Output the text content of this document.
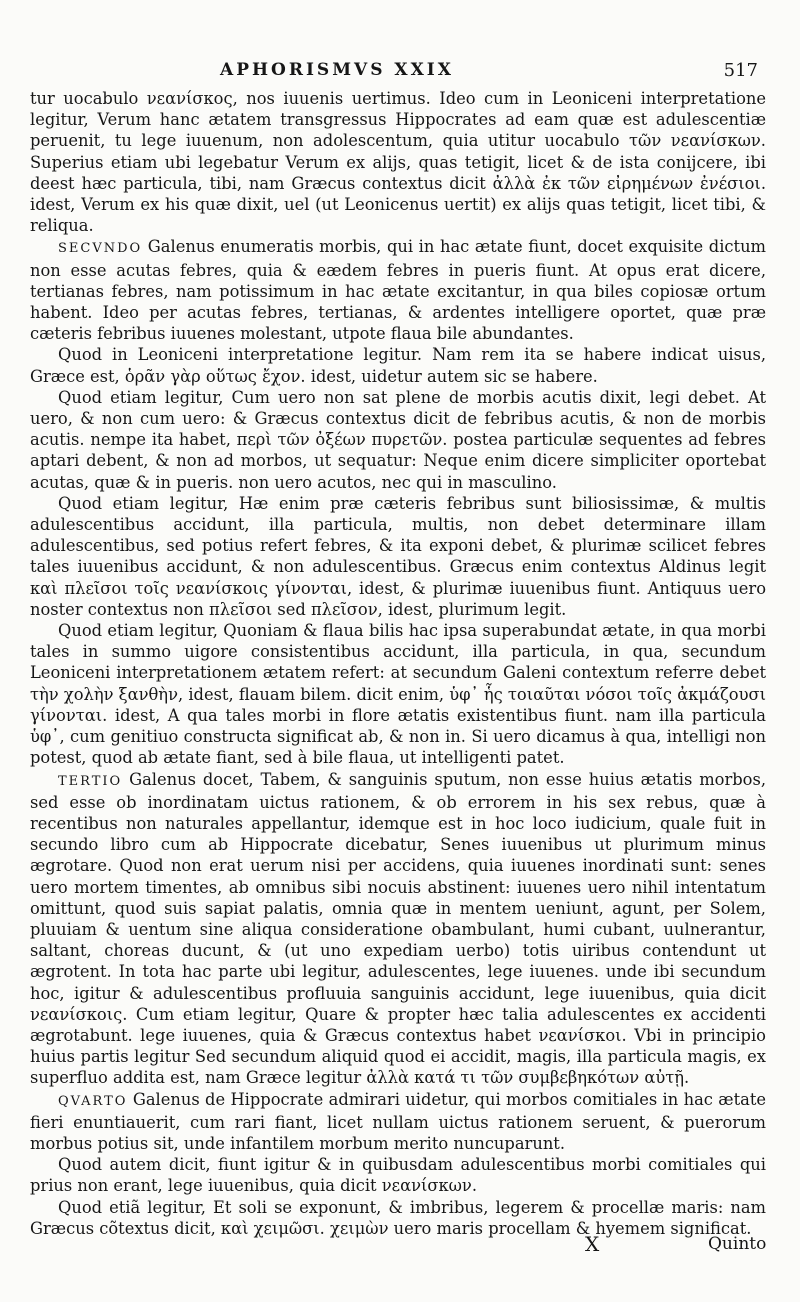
APHORISMVS XXIX	517

tur uocabulo νεανίσκος, nos iuuenis uertimus. Ideo cum in Leoniceni interpretatione legitur, Verum hanc ætatem transgressus Hippocrates ad eam quæ est adulescentiæ peruenit, tu lege iuuenum, non adolescentum, quia utitur uocabulo τῶν νεανίσκων. Superius etiam ubi legebatur Verum ex alijs, quas tetigit, licet & de ista conijcere, ibi deest hæc particula, tibi, nam Græcus contextus dicit ἀλλὰ ἐκ τῶν εἰρημένων ἐνέσιοι. idest, Verum ex his quæ dixit, uel (ut Leonicenus uertit) ex alijs quas tetigit, licet tibi, & reliqua.

SECVNDO Galenus enumeratis morbis, qui in hac ætate fiunt, docet exquisite dictum non esse acutas febres, quia & eædem febres in pueris fiunt. At opus erat dicere, tertianas febres, nam potissimum in hac ætate excitantur, in qua biles copiosæ ortum habent. Ideo per acutas febres, tertianas, & ardentes intelligere oportet, quæ præ cæteris febribus iuuenes molestant, utpote flaua bile abundantes.

Quod in Leoniceni interpretatione legitur. Nam rem ita se habere indicat uisus, Græce est, ὁρᾶν γὰρ οὕτως ἔχον. idest, uidetur autem sic se habere.

Quod etiam legitur, Cum uero non sat plene de morbis acutis dixit, legi debet. At uero, & non cum uero: & Græcus contextus dicit de febribus acutis, & non de morbis acutis. nempe ita habet, περὶ τῶν ὀξέων πυρετῶν. postea particulæ sequentes ad febres aptari debent, & non ad morbos, ut sequatur: Neque enim dicere simpliciter oportebat acutas, quæ & in pueris. non uero acutos, nec qui in masculino.

Quod etiam legitur, Hæ enim præ cæteris febribus sunt biliosissimæ, & multis adulescentibus accidunt, illa particula, multis, non debet determinare illam adulescentibus, sed potius refert febres, & ita exponi debet, & plurimæ scilicet febres tales iuuenibus accidunt, & non adulescentibus. Græcus enim contextus Aldinus legit καὶ πλεῖσοι τοῖς νεανίσκοις γίνονται, idest, & plurimæ iuuenibus fiunt. Antiquus uero noster contextus non πλεῖσοι sed πλεῖσον, idest, plurimum legit.

Quod etiam legitur, Quoniam & flaua bilis hac ipsa superabundat ætate, in qua morbi tales in summo uigore consistentibus accidunt, illa particula, in qua, secundum Leoniceni interpretationem ætatem refert: at secundum Galeni contextum referre debet τὴν χολὴν ξανθὴν, idest, flauam bilem. dicit enim, ὑφ᾽ ἧς τοιαῦται νόσοι τοῖς ἀκμάζουσι γίνονται. idest, A qua tales morbi in flore ætatis existentibus fiunt. nam illa particula ὑφ᾽, cum genitiuo constructa significat ab, & non in. Si uero dicamus à qua, intelligi non potest, quod ab ætate fiant, sed à bile flaua, ut intelligenti patet.

TERTIO Galenus docet, Tabem, & sanguinis sputum, non esse huius ætatis morbos, sed esse ob inordinatam uictus rationem, & ob errorem in his sex rebus, quæ à recentibus non naturales appellantur, idemque est in hoc loco iudicium, quale fuit in secundo libro cum ab Hippocrate dicebatur, Senes iuuenibus ut plurimum minus ægrotare. Quod non erat uerum nisi per accidens, quia iuuenes inordinati sunt: senes uero mortem timentes, ab omnibus sibi nocuis abstinent: iuuenes uero nihil intentatum omittunt, quod suis sapiat palatis, omnia quæ in mentem ueniunt, agunt, per Solem, pluuiam & uentum sine aliqua consideratione obambulant, humi cubant, uulnerantur, saltant, choreas ducunt, & (ut uno expediam uerbo) totis uiribus contendunt ut ægrotent. In tota hac parte ubi legitur, adulescentes, lege iuuenes. unde ibi secundum hoc, igitur & adulescentibus profluuia sanguinis accidunt, lege iuuenibus, quia dicit νεανίσκοις. Cum etiam legitur, Quare & propter hæc talia adulescentes ex accidenti ægrotabunt. lege iuuenes, quia & Græcus contextus habet νεανίσκοι. Vbi in principio huius partis legitur Sed secundum aliquid quod ei accidit, magis, illa particula magis, ex superfluo addita est, nam Græce legitur ἀλλὰ κατά τι τῶν συμβεβηκότων αὐτῇ.

QVARTO Galenus de Hippocrate admirari uidetur, qui morbos comitiales in hac ætate fieri enuntiauerit, cum rari fiant, licet nullam uictus rationem seruent, & puerorum morbus potius sit, unde infantilem morbum merito nuncuparunt.

Quod autem dicit, fiunt igitur & in quibusdam adulescentibus morbi comitiales qui prius non erant, lege iuuenibus, quia dicit νεανίσκων.

Quod etiã legitur, Et soli se exponunt, & imbribus, legerem & procellæ maris: nam Græcus cõtextus dicit, καὶ χειμῶσι. χειμὼν uero maris procellam & hyemem significat.

X	Quinto
